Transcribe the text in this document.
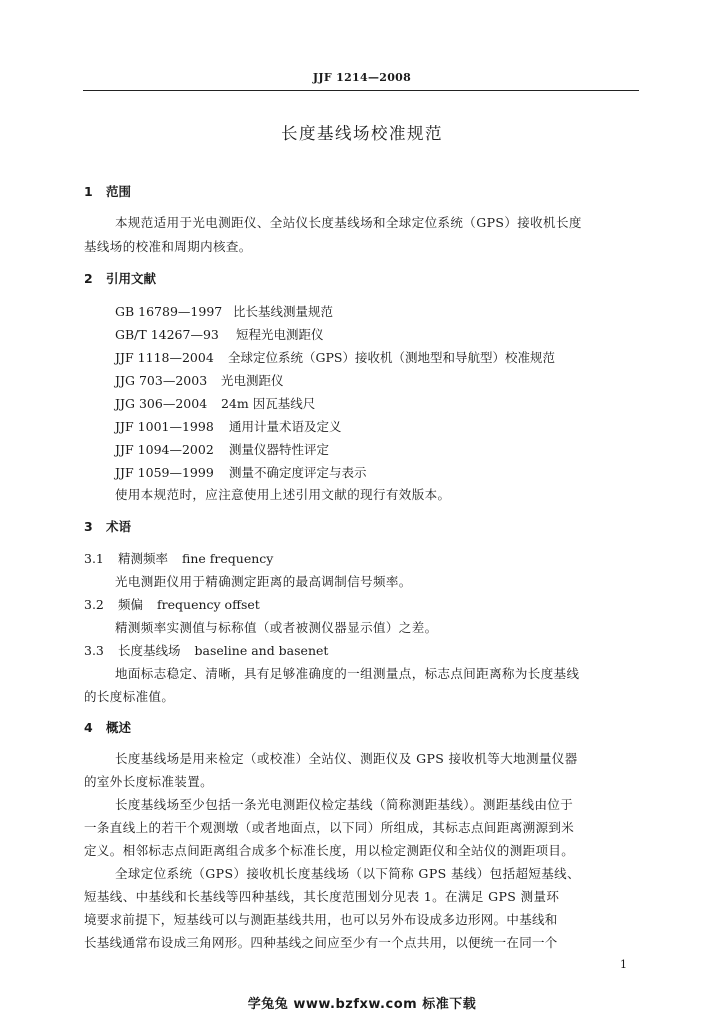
JJF 1214—2008
长度基线场校准规范
1 范围
本规范适用于光电测距仪、全站仪长度基线场和全球定位系统（GPS）接收机长度
基线场的校准和周期内核查。
2 引用文献
GB 16789—1997 比长基线测量规范
GB/T 14267—93 短程光电测距仪
JJF 1118—2004 全球定位系统（GPS）接收机（测地型和导航型）校准规范
JJG 703—2003 光电测距仪
JJG 306—2004 24m 因瓦基线尺
JJF 1001—1998 通用计量术语及定义
JJF 1094—2002 测量仪器特性评定
JJF 1059—1999 测量不确定度评定与表示
使用本规范时，应注意使用上述引用文献的现行有效版本。
3 术语
3.1 精测频率 fine frequency
光电测距仪用于精确测定距离的最高调制信号频率。
3.2 频偏 frequency offset
精测频率实测值与标称值（或者被测仪器显示值）之差。
3.3 长度基线场 baseline and basenet
地面标志稳定、清晰，具有足够准确度的一组测量点，标志点间距离称为长度基线
的长度标准值。
4 概述
长度基线场是用来检定（或校准）全站仪、测距仪及 GPS 接收机等大地测量仪器
的室外长度标准装置。
长度基线场至少包括一条光电测距仪检定基线（简称测距基线）。测距基线由位于
一条直线上的若干个观测墩（或者地面点，以下同）所组成，其标志点间距离溯源到米
定义。相邻标志点间距离组合成多个标准长度，用以检定测距仪和全站仪的测距项目。
全球定位系统（GPS）接收机长度基线场（以下简称 GPS 基线）包括超短基线、
短基线、中基线和长基线等四种基线，其长度范围划分见表 1。在满足 GPS 测量环
境要求前提下，短基线可以与测距基线共用，也可以另外布设成多边形网。中基线和
长基线通常布设成三角网形。四种基线之间应至少有一个点共用，以便统一在同一个
1
学兔兔 www.bzfxw.com 标准下载
